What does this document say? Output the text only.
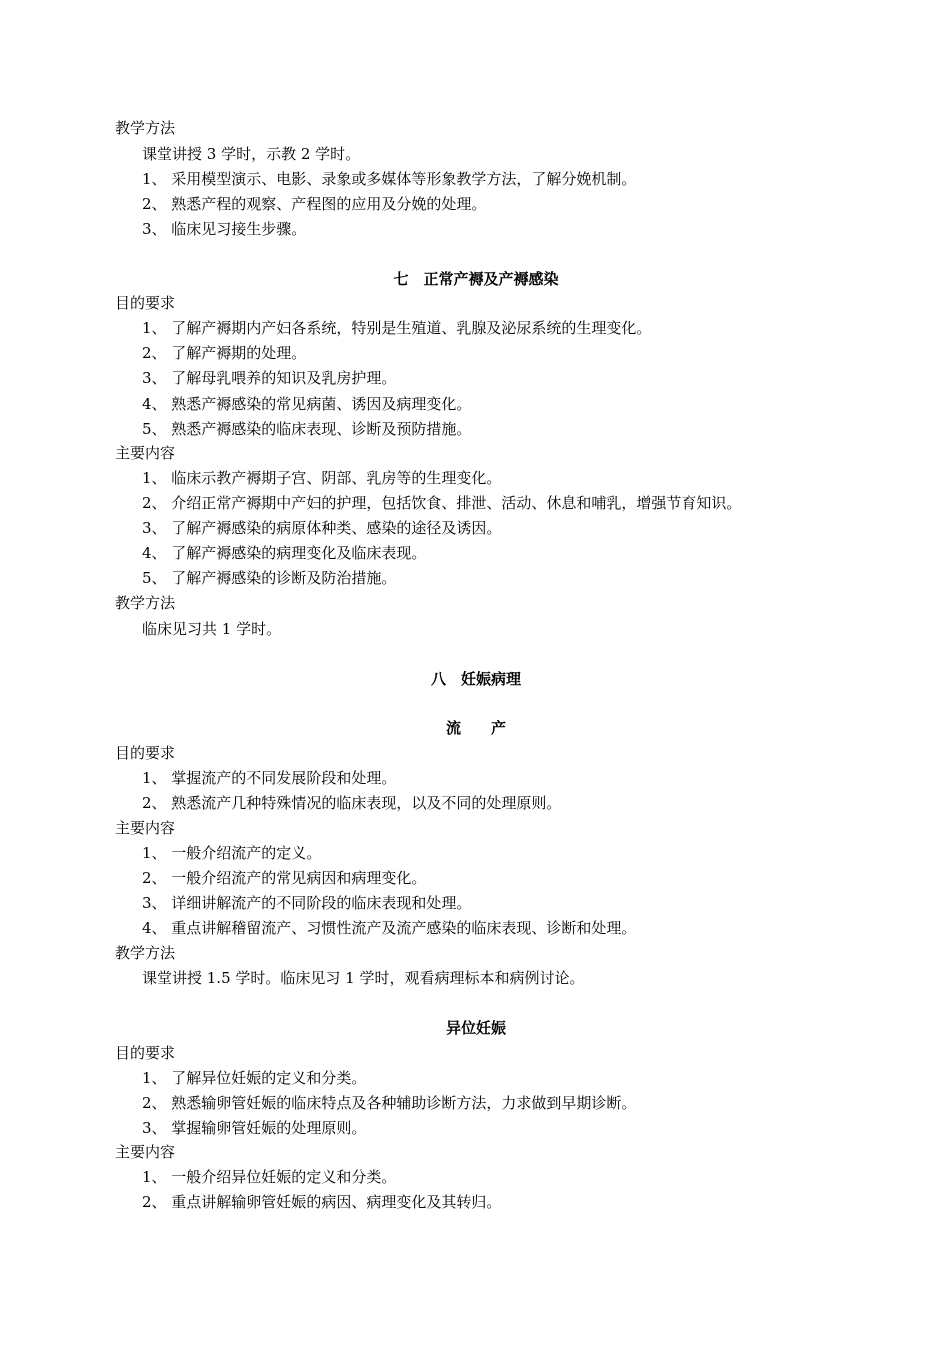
教学方法
课堂讲授 3 学时，示教 2 学时。
1、 采用模型演示、电影、录象或多媒体等形象教学方法，了解分娩机制。
2、 熟悉产程的观察、产程图的应用及分娩的处理。
3、 临床见习接生步骤。
七　正常产褥及产褥感染
目的要求
1、 了解产褥期内产妇各系统，特别是生殖道、乳腺及泌尿系统的生理变化。
2、 了解产褥期的处理。
3、 了解母乳喂养的知识及乳房护理。
4、 熟悉产褥感染的常见病菌、诱因及病理变化。
5、 熟悉产褥感染的临床表现、诊断及预防措施。
主要内容
1、 临床示教产褥期子宫、阴部、乳房等的生理变化。
2、 介绍正常产褥期中产妇的护理，包括饮食、排泄、活动、休息和哺乳，增强节育知识。
3、 了解产褥感染的病原体种类、感染的途径及诱因。
4、 了解产褥感染的病理变化及临床表现。
5、 了解产褥感染的诊断及防治措施。
教学方法
临床见习共 1 学时。
八　妊娠病理
流　　产
目的要求
1、 掌握流产的不同发展阶段和处理。
2、 熟悉流产几种特殊情况的临床表现，以及不同的处理原则。
主要内容
1、 一般介绍流产的定义。
2、 一般介绍流产的常见病因和病理变化。
3、 详细讲解流产的不同阶段的临床表现和处理。
4、 重点讲解稽留流产、习惯性流产及流产感染的临床表现、诊断和处理。
教学方法
课堂讲授 1.5 学时。临床见习 1 学时，观看病理标本和病例讨论。
异位妊娠
目的要求
1、 了解异位妊娠的定义和分类。
2、 熟悉输卵管妊娠的临床特点及各种辅助诊断方法，力求做到早期诊断。
3、 掌握输卵管妊娠的处理原则。
主要内容
1、 一般介绍异位妊娠的定义和分类。
2、 重点讲解输卵管妊娠的病因、病理变化及其转归。
